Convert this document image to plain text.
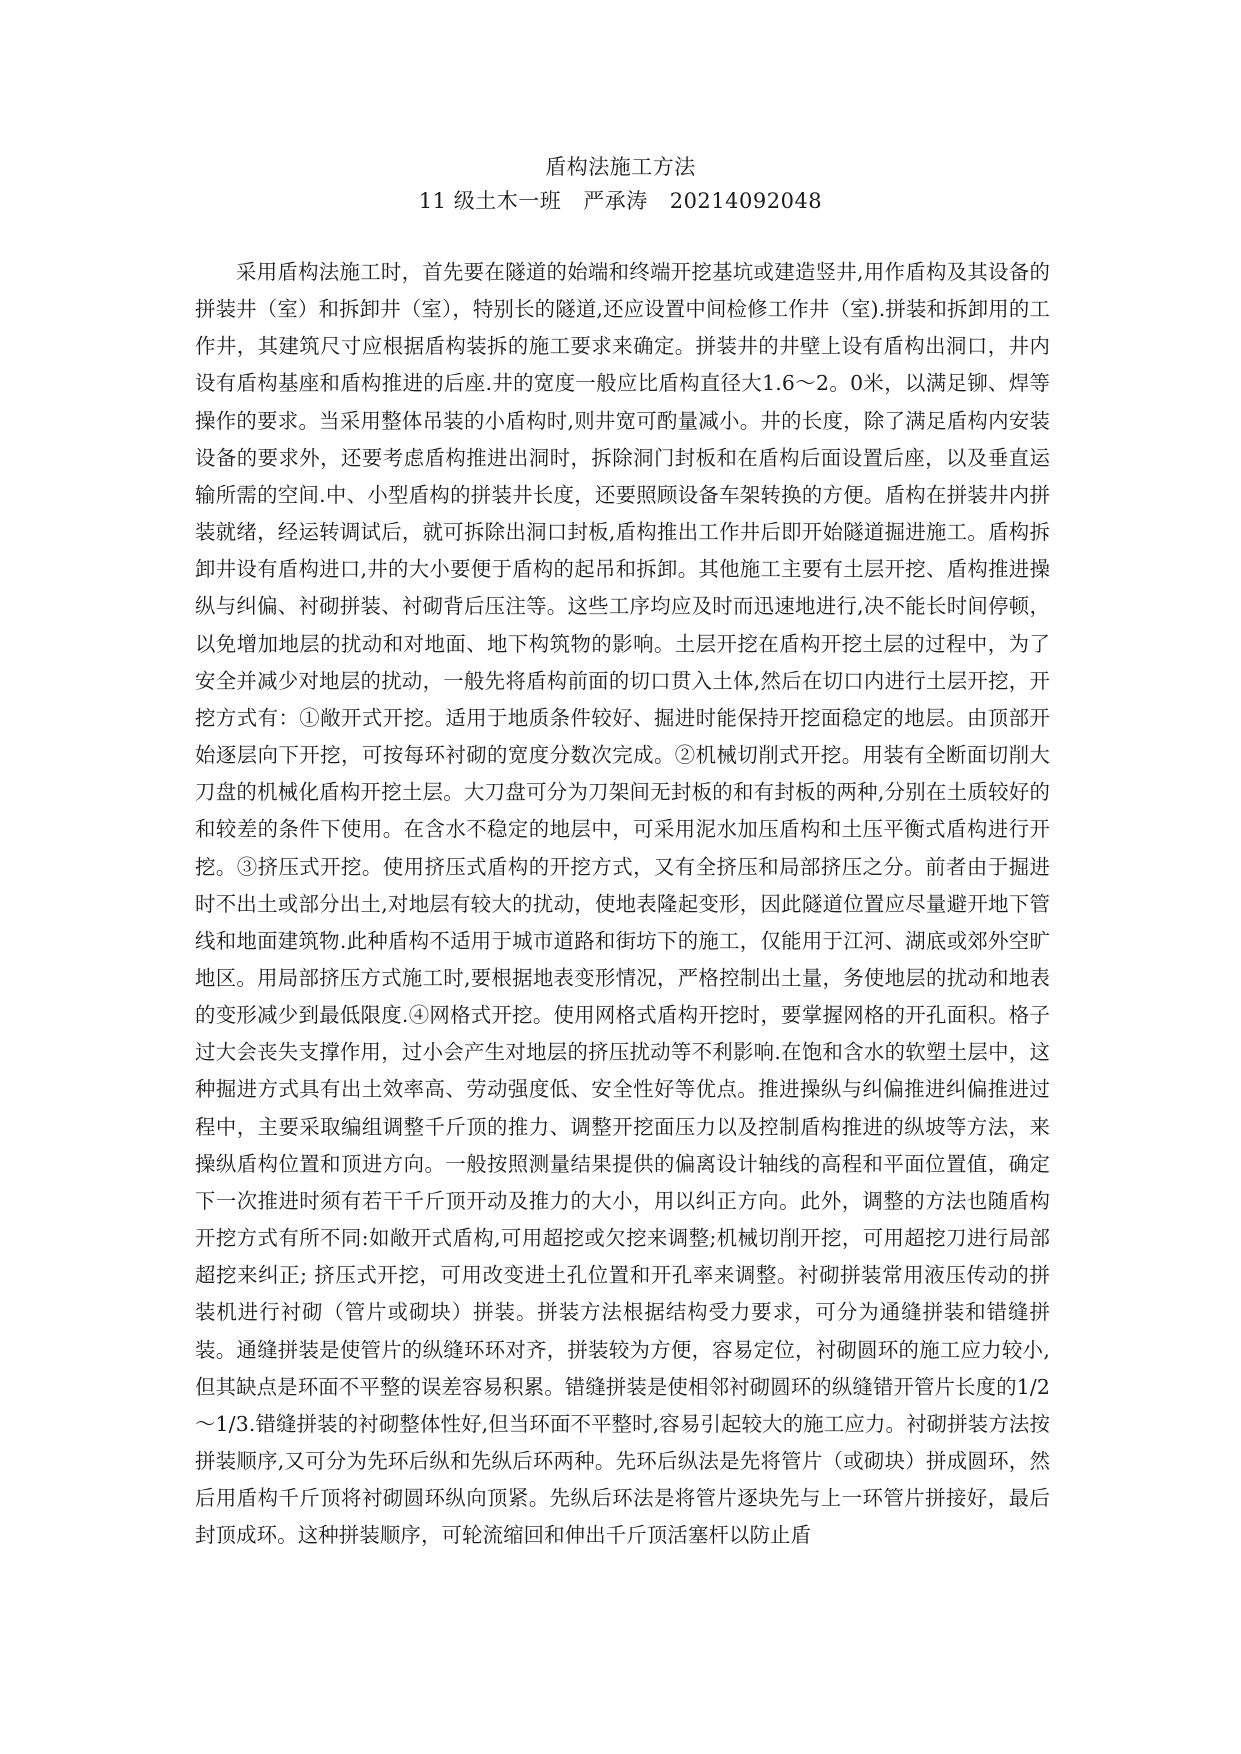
盾构法施工方法
11 级土木一班 严承涛 20214092048

采用盾构法施工时，首先要在隧道的始端和终端开挖基坑或建造竖井,用作盾构及其设备的拼装井（室）和拆卸井（室），特别长的隧道,还应设置中间检修工作井（室).拼装和拆卸用的工作井，其建筑尺寸应根据盾构装拆的施工要求来确定。拼装井的井壁上设有盾构出洞口，井内设有盾构基座和盾构推进的后座.井的宽度一般应比盾构直径大1.6～2。0米，以满足铆、焊等操作的要求。当采用整体吊装的小盾构时,则井宽可酌量减小。井的长度，除了满足盾构内安装设备的要求外，还要考虑盾构推进出洞时，拆除洞门封板和在盾构后面设置后座，以及垂直运输所需的空间.中、小型盾构的拼装井长度，还要照顾设备车架转换的方便。盾构在拼装井内拼装就绪，经运转调试后，就可拆除出洞口封板,盾构推出工作井后即开始隧道掘进施工。盾构拆卸井设有盾构进口,井的大小要便于盾构的起吊和拆卸。其他施工主要有土层开挖、盾构推进操纵与纠偏、衬砌拼装、衬砌背后压注等。这些工序均应及时而迅速地进行,决不能长时间停顿，以免增加地层的扰动和对地面、地下构筑物的影响。土层开挖在盾构开挖土层的过程中，为了安全并减少对地层的扰动，一般先将盾构前面的切口贯入土体,然后在切口内进行土层开挖，开挖方式有：①敞开式开挖。适用于地质条件较好、掘进时能保持开挖面稳定的地层。由顶部开始逐层向下开挖，可按每环衬砌的宽度分数次完成。②机械切削式开挖。用装有全断面切削大刀盘的机械化盾构开挖土层。大刀盘可分为刀架间无封板的和有封板的两种,分别在土质较好的和较差的条件下使用。在含水不稳定的地层中，可采用泥水加压盾构和土压平衡式盾构进行开挖。③挤压式开挖。使用挤压式盾构的开挖方式，又有全挤压和局部挤压之分。前者由于掘进时不出土或部分出土,对地层有较大的扰动，使地表隆起变形，因此隧道位置应尽量避开地下管线和地面建筑物.此种盾构不适用于城市道路和街坊下的施工，仅能用于江河、湖底或郊外空旷地区。用局部挤压方式施工时,要根据地表变形情况，严格控制出土量，务使地层的扰动和地表的变形减少到最低限度.④网格式开挖。使用网格式盾构开挖时，要掌握网格的开孔面积。格子过大会丧失支撑作用，过小会产生对地层的挤压扰动等不利影响.在饱和含水的软塑土层中，这种掘进方式具有出土效率高、劳动强度低、安全性好等优点。推进操纵与纠偏推进纠偏推进过程中，主要采取编组调整千斤顶的推力、调整开挖面压力以及控制盾构推进的纵坡等方法，来操纵盾构位置和顶进方向。一般按照测量结果提供的偏离设计轴线的高程和平面位置值，确定下一次推进时须有若干千斤顶开动及推力的大小，用以纠正方向。此外，调整的方法也随盾构开挖方式有所不同:如敞开式盾构,可用超挖或欠挖来调整;机械切削开挖，可用超挖刀进行局部超挖来纠正; 挤压式开挖，可用改变进土孔位置和开孔率来调整。衬砌拼装常用液压传动的拼装机进行衬砌（管片或砌块）拼装。拼装方法根据结构受力要求，可分为通缝拼装和错缝拼装。通缝拼装是使管片的纵缝环环对齐，拼装较为方便，容易定位，衬砌圆环的施工应力较小,但其缺点是环面不平整的误差容易积累。错缝拼装是使相邻衬砌圆环的纵缝错开管片长度的1/2～1/3.错缝拼装的衬砌整体性好,但当环面不平整时,容易引起较大的施工应力。衬砌拼装方法按拼装顺序,又可分为先环后纵和先纵后环两种。先环后纵法是先将管片（或砌块）拼成圆环，然后用盾构千斤顶将衬砌圆环纵向顶紧。先纵后环法是将管片逐块先与上一环管片拼接好，最后封顶成环。这种拼装顺序，可轮流缩回和伸出千斤顶活塞杆以防止盾
